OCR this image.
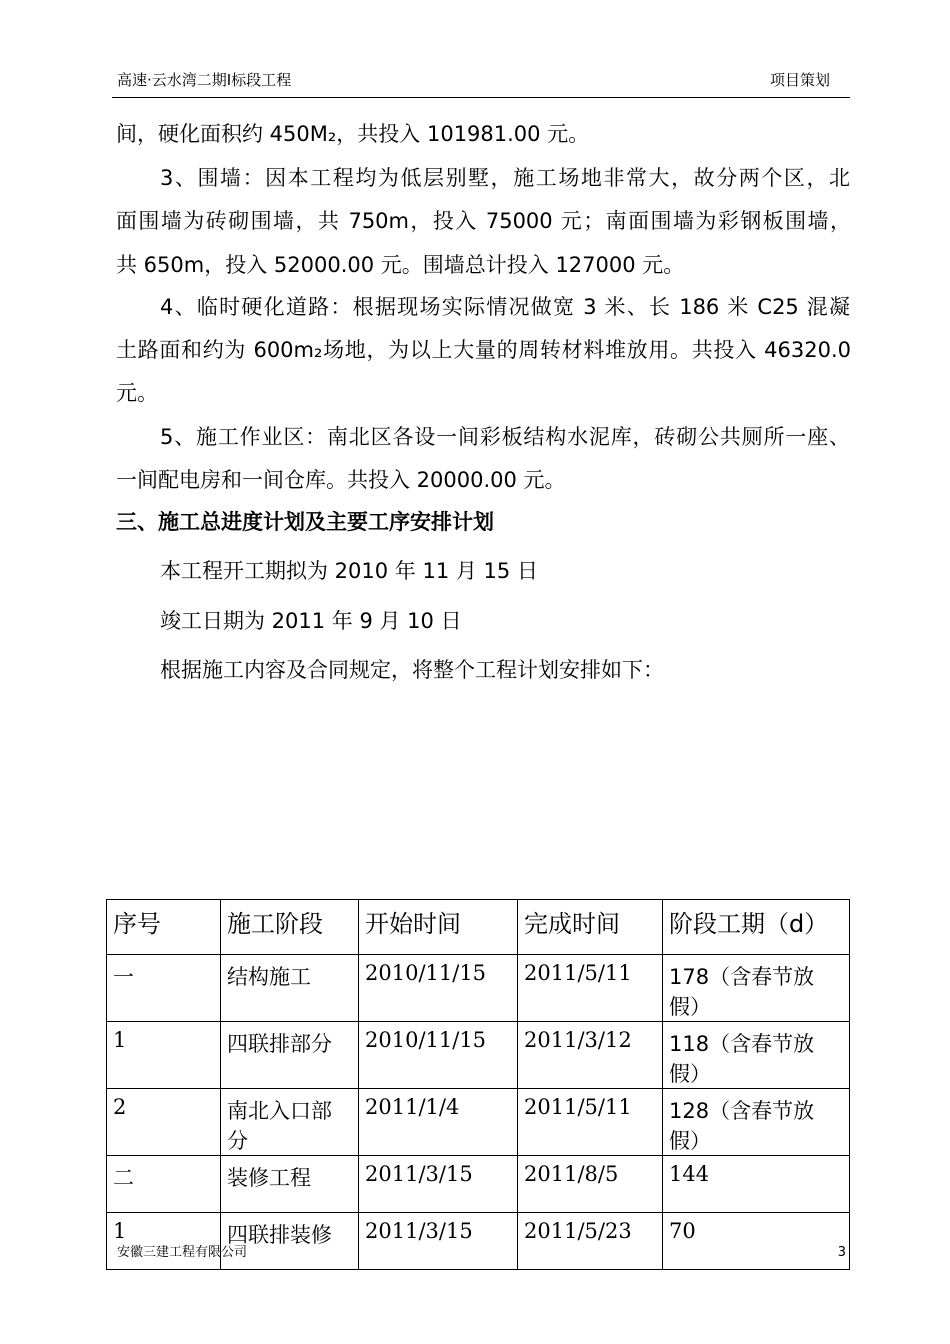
高速·云水湾二期Ⅰ标段工程	项目策划
间，硬化面积约 450M₂，共投入 101981.00 元。
3、围墙：因本工程均为低层别墅，施工场地非常大，故分两个区，北
面围墙为砖砌围墙，共 750m，投入 75000 元；南面围墙为彩钢板围墙，
共 650m，投入 52000.00 元。围墙总计投入 127000 元。
4、临时硬化道路：根据现场实际情况做宽 3 米、长 186 米 C25 混凝
土路面和约为 600m₂场地，为以上大量的周转材料堆放用。共投入 46320.0
元。
5、施工作业区：南北区各设一间彩板结构水泥库，砖砌公共厕所一座、
一间配电房和一间仓库。共投入 20000.00 元。
三、施工总进度计划及主要工序安排计划
本工程开工期拟为 2010 年 11 月 15 日
竣工日期为 2011 年 9 月 10 日
根据施工内容及合同规定，将整个工程计划安排如下：
序号	施工阶段	开始时间	完成时间	阶段工期（d）
一	结构施工	2010/11/15	2011/5/11	178（含春节放假）
1	四联排部分	2010/11/15	2011/3/12	118（含春节放假）
2	南北入口部分	2011/1/4	2011/5/11	128（含春节放假）
二	装修工程	2011/3/15	2011/8/5	144
1	四联排装修	2011/3/15	2011/5/23	70
安徽三建工程有限公司	3
